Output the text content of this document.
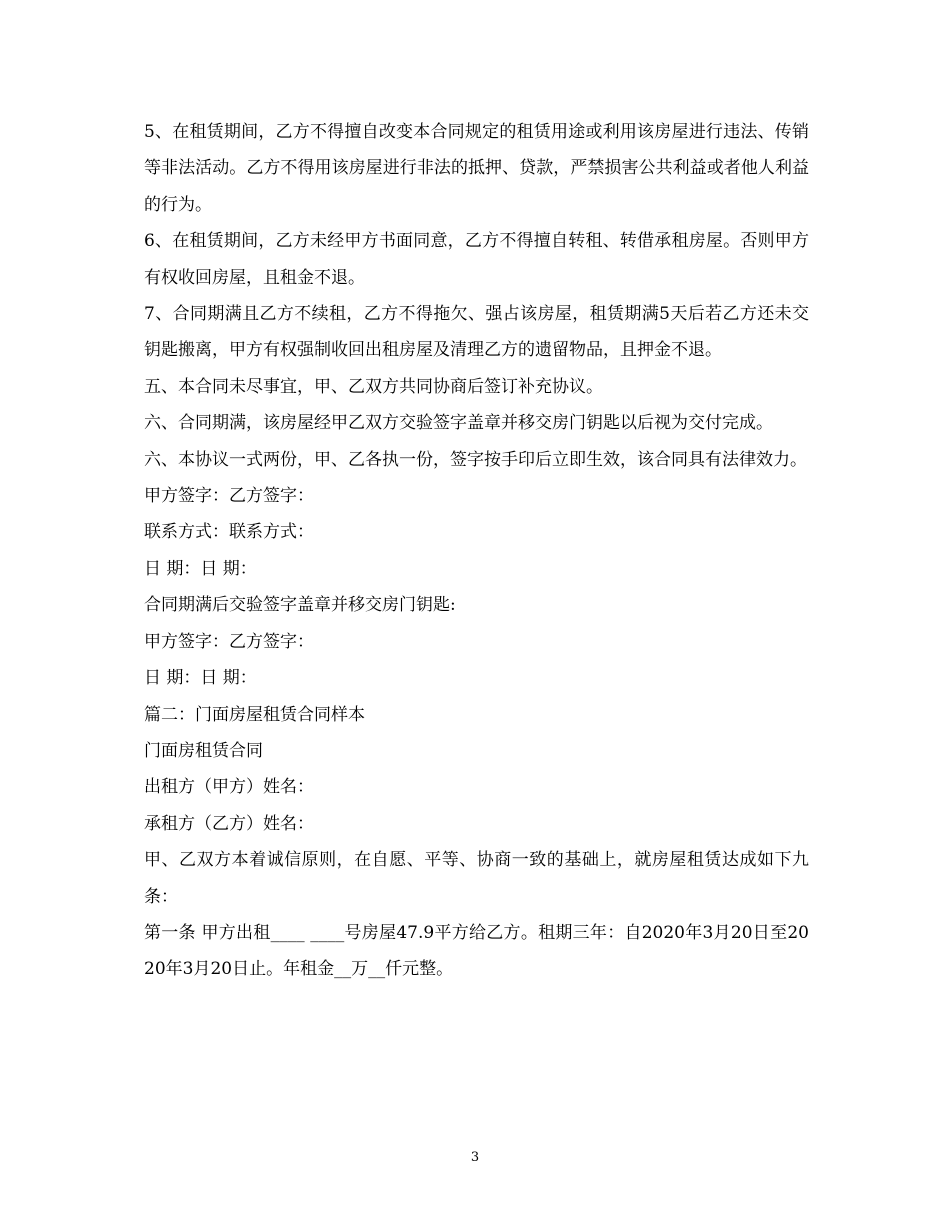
5、在租赁期间，乙方不得擅自改变本合同规定的租赁用途或利用该房屋进行违法、传销等非法活动。乙方不得用该房屋进行非法的抵押、贷款，严禁损害公共利益或者他人利益的行为。

6、在租赁期间，乙方未经甲方书面同意，乙方不得擅自转租、转借承租房屋。否则甲方有权收回房屋，且租金不退。

7、合同期满且乙方不续租，乙方不得拖欠、强占该房屋，租赁期满5天后若乙方还未交钥匙搬离，甲方有权强制收回出租房屋及清理乙方的遗留物品，且押金不退。

五、本合同未尽事宜，甲、乙双方共同协商后签订补充协议。

六、合同期满，该房屋经甲乙双方交验签字盖章并移交房门钥匙以后视为交付完成。

六、本协议一式两份，甲、乙各执一份，签字按手印后立即生效，该合同具有法律效力。

甲方签字：乙方签字：

联系方式：联系方式：

日 期：日 期：

合同期满后交验签字盖章并移交房门钥匙:

甲方签字：乙方签字：

日 期：日 期：

篇二：门面房屋租赁合同样本

门面房租赁合同

出租方（甲方）姓名：

承租方（乙方）姓名：

甲、乙双方本着诚信原则，在自愿、平等、协商一致的基础上，就房屋租赁达成如下九条：

第一条 甲方出租____ ____号房屋47.9平方给乙方。租期三年：自2020年3月20日至2020年3月20日止。年租金__万__仟元整。

3
